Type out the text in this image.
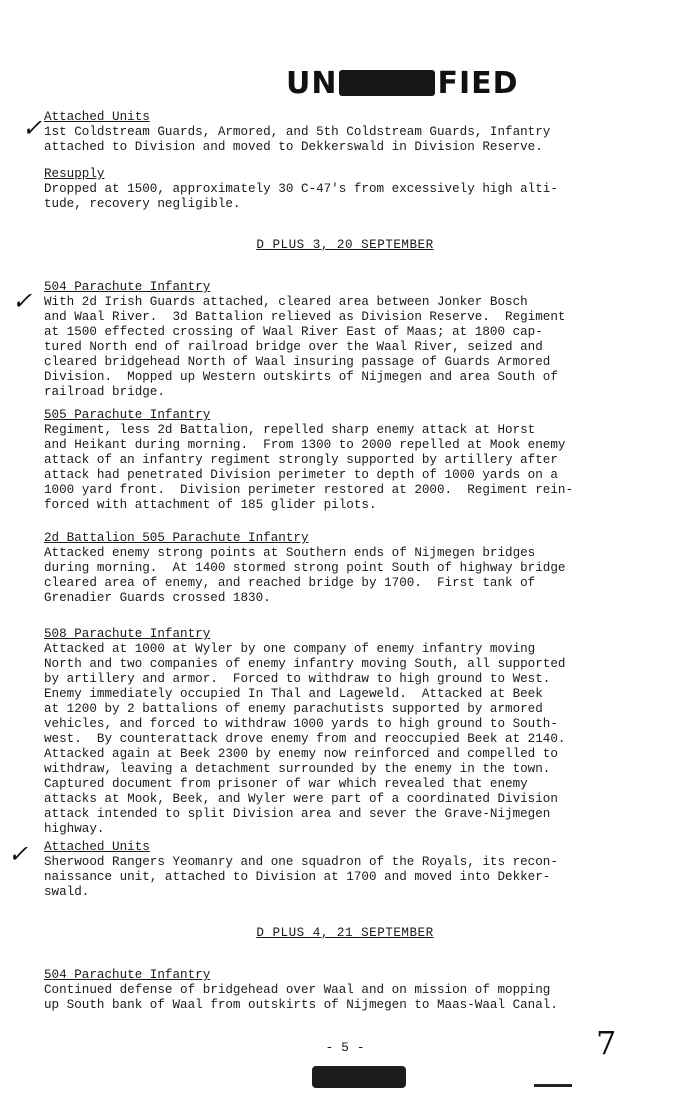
UN	FIED
✓
✓
✓
Attached Units
1st Coldstream Guards, Armored, and 5th Coldstream Guards, Infantry
attached to Division and moved to Dekkerswald in Division Reserve.
Resupply
Dropped at 1500, approximately 30 C-47's from excessively high alti-
tude, recovery negligible.
D PLUS 3, 20 SEPTEMBER
504 Parachute Infantry
With 2d Irish Guards attached, cleared area between Jonker Bosch
and Waal River.  3d Battalion relieved as Division Reserve.  Regiment
at 1500 effected crossing of Waal River East of Maas; at 1800 cap-
tured North end of railroad bridge over the Waal River, seized and
cleared bridgehead North of Waal insuring passage of Guards Armored
Division.  Mopped up Western outskirts of Nijmegen and area South of
railroad bridge.
505 Parachute Infantry
Regiment, less 2d Battalion, repelled sharp enemy attack at Horst
and Heikant during morning.  From 1300 to 2000 repelled at Mook enemy
attack of an infantry regiment strongly supported by artillery after
attack had penetrated Division perimeter to depth of 1000 yards on a
1000 yard front.  Division perimeter restored at 2000.  Regiment rein-
forced with attachment of 185 glider pilots.
2d Battalion 505 Parachute Infantry
Attacked enemy strong points at Southern ends of Nijmegen bridges
during morning.  At 1400 stormed strong point South of highway bridge
cleared area of enemy, and reached bridge by 1700.  First tank of
Grenadier Guards crossed 1830.
508 Parachute Infantry
Attacked at 1000 at Wyler by one company of enemy infantry moving
North and two companies of enemy infantry moving South, all supported
by artillery and armor.  Forced to withdraw to high ground to West.
Enemy immediately occupied In Thal and Lageweld.  Attacked at Beek
at 1200 by 2 battalions of enemy parachutists supported by armored
vehicles, and forced to withdraw 1000 yards to high ground to South-
west.  By counterattack drove enemy from and reoccupied Beek at 2140.
Attacked again at Beek 2300 by enemy now reinforced and compelled to
withdraw, leaving a detachment surrounded by the enemy in the town.
Captured document from prisoner of war which revealed that enemy
attacks at Mook, Beek, and Wyler were part of a coordinated Division
attack intended to split Division area and sever the Grave-Nijmegen
highway.
Attached Units
Sherwood Rangers Yeomanry and one squadron of the Royals, its recon-
naissance unit, attached to Division at 1700 and moved into Dekker-
swald.
D PLUS 4, 21 SEPTEMBER
504 Parachute Infantry
Continued defense of bridgehead over Waal and on mission of mopping
up South bank of Waal from outskirts of Nijmegen to Maas-Waal Canal.
- 5 -	7
